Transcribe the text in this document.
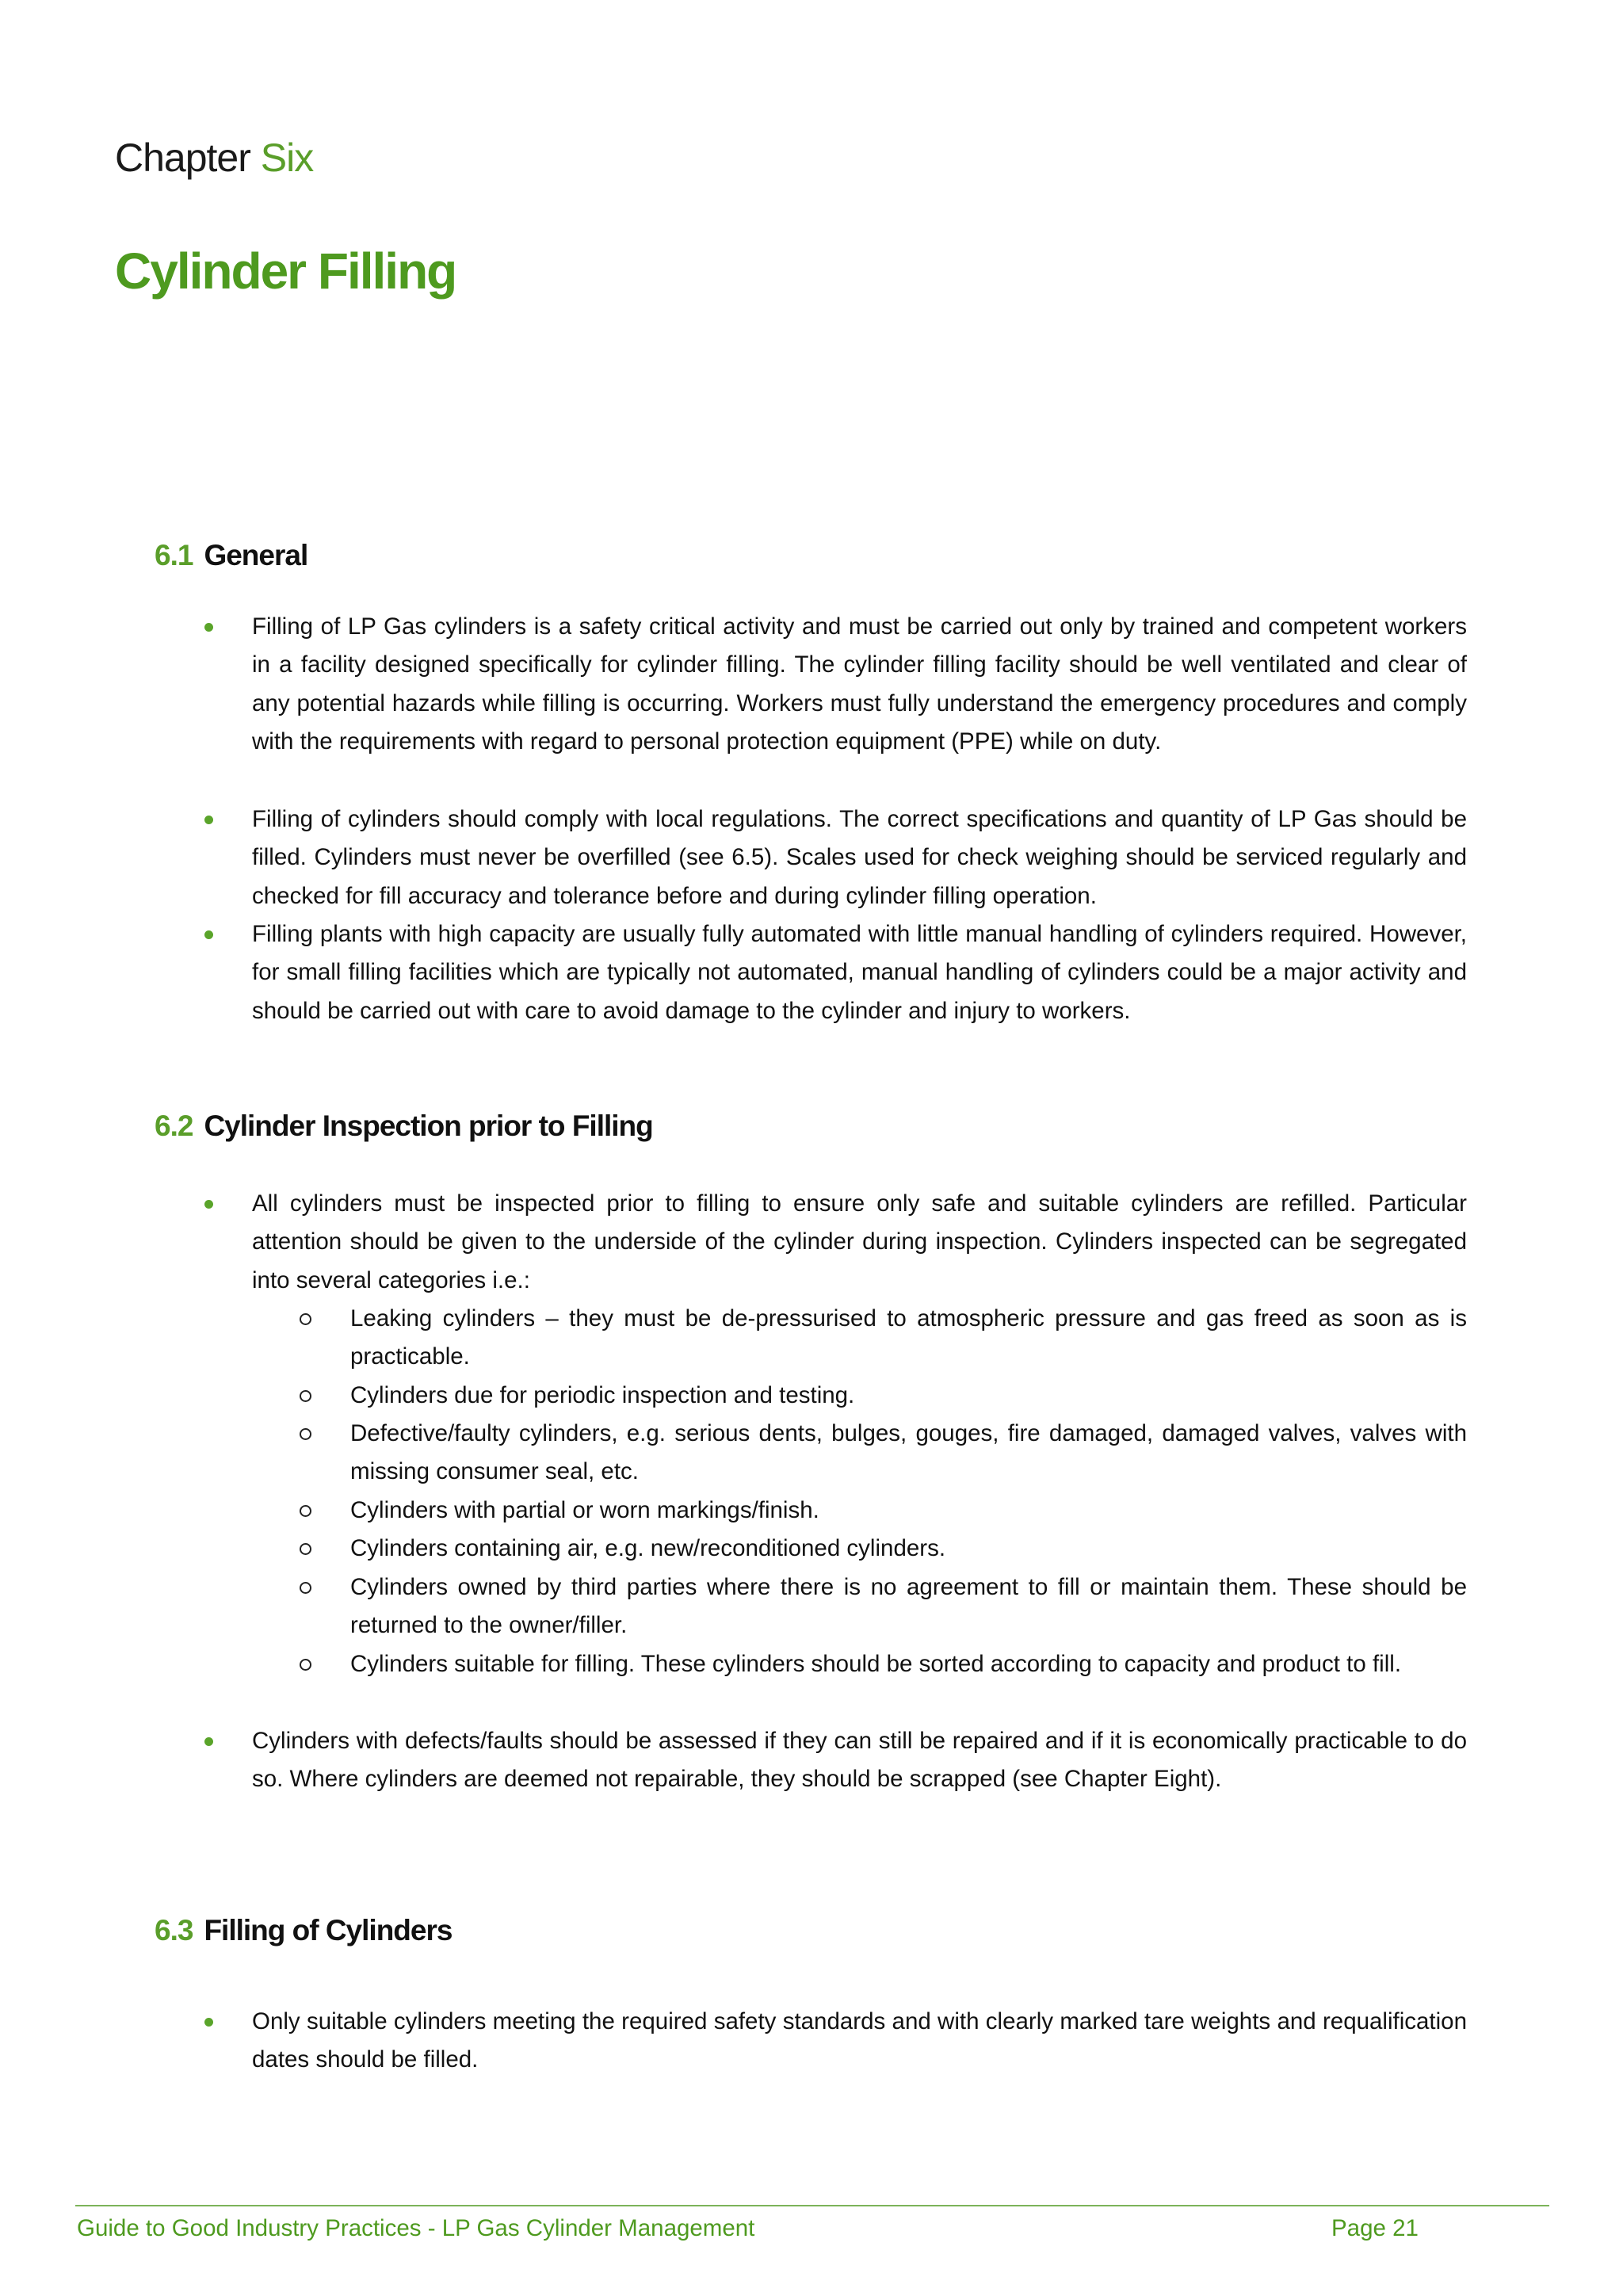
Chapter Six
Cylinder Filling
6.1 General
Filling of LP Gas cylinders is a safety critical activity and must be carried out only by trained and competent workers in a facility designed specifically for cylinder filling. The cylinder filling facility should be well ventilated and clear of any potential hazards while filling is occurring. Workers must fully understand the emergency procedures and comply with the requirements with regard to personal protection equipment (PPE) while on duty.
Filling of cylinders should comply with local regulations. The correct specifications and quantity of LP Gas should be filled. Cylinders must never be overfilled (see 6.5). Scales used for check weighing should be serviced regularly and checked for fill accuracy and tolerance before and during cylinder filling operation.
Filling plants with high capacity are usually fully automated with little manual handling of cylinders required. However, for small filling facilities which are typically not automated, manual handling of cylinders could be a major activity and should be carried out with care to avoid damage to the cylinder and injury to workers.
6.2 Cylinder Inspection prior to Filling
All cylinders must be inspected prior to filling to ensure only safe and suitable cylinders are refilled. Particular attention should be given to the underside of the cylinder during inspection. Cylinders inspected can be segregated into several categories i.e.:
Leaking cylinders – they must be de-pressurised to atmospheric pressure and gas freed as soon as is practicable.
Cylinders due for periodic inspection and testing.
Defective/faulty cylinders, e.g. serious dents, bulges, gouges, fire damaged, damaged valves, valves with missing consumer seal, etc.
Cylinders with partial or worn markings/finish.
Cylinders containing air, e.g. new/reconditioned cylinders.
Cylinders owned by third parties where there is no agreement to fill or maintain them. These should be returned to the owner/filler.
Cylinders suitable for filling. These cylinders should be sorted according to capacity and product to fill.
Cylinders with defects/faults should be assessed if they can still be repaired and if it is economically practicable to do so. Where cylinders are deemed not repairable, they should be scrapped (see Chapter Eight).
6.3 Filling of Cylinders
Only suitable cylinders meeting the required safety standards and with clearly marked tare weights and requalification dates should be filled.
Guide to Good Industry Practices - LP Gas Cylinder Management	Page 21
